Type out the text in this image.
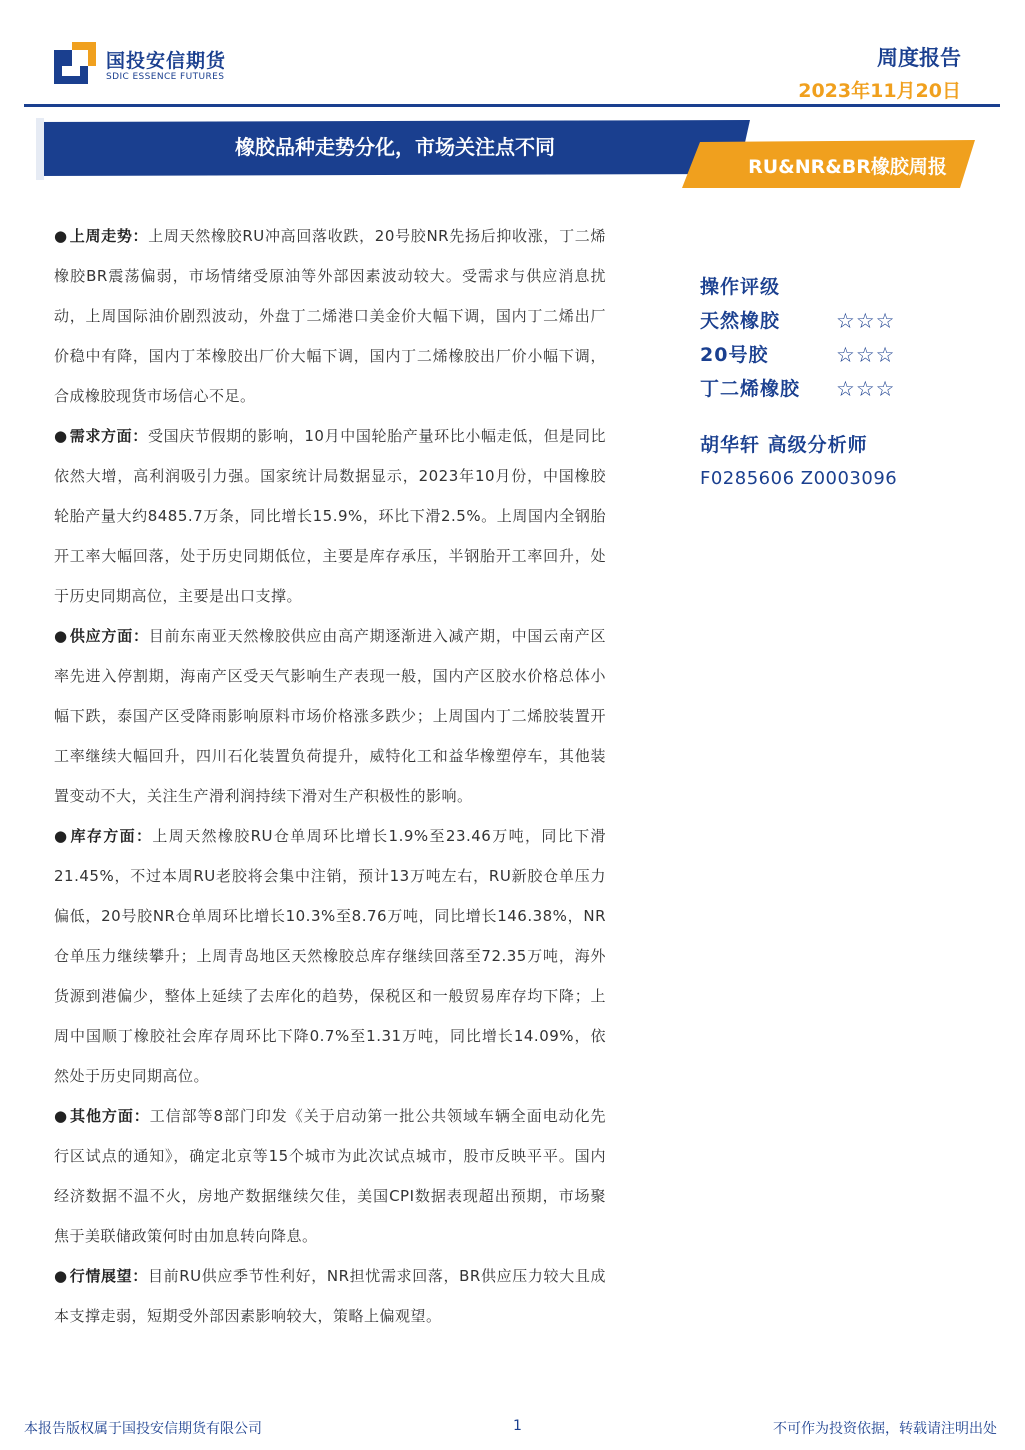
国投安信期货
SDIC ESSENCE FUTURES
周度报告
2023年11月20日
橡胶品种走势分化，市场关注点不同
RU&NR&BR橡胶周报

● 上周走势：上周天然橡胶RU冲高回落收跌，20号胶NR先扬后抑收涨，丁二烯橡胶BR震荡偏弱，市场情绪受原油等外部因素波动较大。受需求与供应消息扰动，上周国际油价剧烈波动，外盘丁二烯港口美金价大幅下调，国内丁二烯出厂价稳中有降，国内丁苯橡胶出厂价大幅下调，国内丁二烯橡胶出厂价小幅下调，合成橡胶现货市场信心不足。

● 需求方面：受国庆节假期的影响，10月中国轮胎产量环比小幅走低，但是同比依然大增，高利润吸引力强。国家统计局数据显示，2023年10月份，中国橡胶轮胎产量大约8485.7万条，同比增长15.9%，环比下滑2.5%。上周国内全钢胎开工率大幅回落，处于历史同期低位，主要是库存承压，半钢胎开工率回升，处于历史同期高位，主要是出口支撑。

● 供应方面：目前东南亚天然橡胶供应由高产期逐渐进入减产期，中国云南产区率先进入停割期，海南产区受天气影响生产表现一般，国内产区胶水价格总体小幅下跌，泰国产区受降雨影响原料市场价格涨多跌少；上周国内丁二烯胶装置开工率继续大幅回升，四川石化装置负荷提升，威特化工和益华橡塑停车，其他装置变动不大，关注生产滑利润持续下滑对生产积极性的影响。

● 库存方面：上周天然橡胶RU仓单周环比增长1.9%至23.46万吨，同比下滑21.45%，不过本周RU老胶将会集中注销，预计13万吨左右，RU新胶仓单压力偏低，20号胶NR仓单周环比增长10.3%至8.76万吨，同比增长146.38%，NR仓单压力继续攀升；上周青岛地区天然橡胶总库存继续回落至72.35万吨，海外货源到港偏少，整体上延续了去库化的趋势，保税区和一般贸易库存均下降；上周中国顺丁橡胶社会库存周环比下降0.7%至1.31万吨，同比增长14.09%，依然处于历史同期高位。

● 其他方面：工信部等8部门印发《关于启动第一批公共领域车辆全面电动化先行区试点的通知》，确定北京等15个城市为此次试点城市，股市反映平平。国内经济数据不温不火，房地产数据继续欠佳，美国CPI数据表现超出预期，市场聚焦于美联储政策何时由加息转向降息。

● 行情展望：目前RU供应季节性利好，NR担忧需求回落，BR供应压力较大且成本支撑走弱，短期受外部因素影响较大，策略上偏观望。

操作评级
天然橡胶	☆☆☆
20号胶	☆☆☆
丁二烯橡胶 ☆☆☆
胡华轩 高级分析师
F0285606 Z0003096
本报告版权属于国投安信期货有限公司	1	不可作为投资依据，转载请注明出处
